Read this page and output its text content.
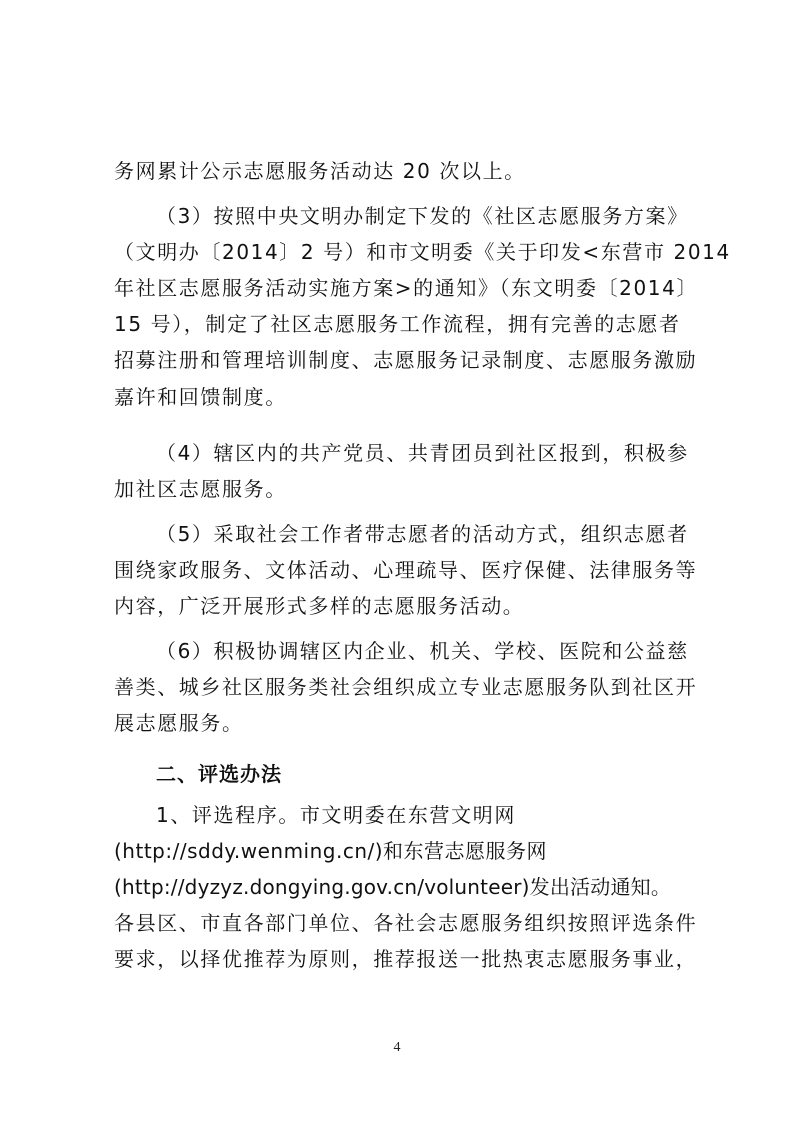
务网累计公示志愿服务活动达 20 次以上。
（3）按照中央文明办制定下发的《社区志愿服务方案》
（文明办〔2014〕2 号）和市文明委《关于印发<东营市 2014
年社区志愿服务活动实施方案>的通知》（东文明委〔2014〕
15 号），制定了社区志愿服务工作流程，拥有完善的志愿者
招募注册和管理培训制度、志愿服务记录制度、志愿服务激励
嘉许和回馈制度。
（4）辖区内的共产党员、共青团员到社区报到，积极参
加社区志愿服务。
（5）采取社会工作者带志愿者的活动方式，组织志愿者
围绕家政服务、文体活动、心理疏导、医疗保健、法律服务等
内容，广泛开展形式多样的志愿服务活动。
（6）积极协调辖区内企业、机关、学校、医院和公益慈
善类、城乡社区服务类社会组织成立专业志愿服务队到社区开
展志愿服务。
二、评选办法
1、评选程序。市文明委在东营文明网
(http://sddy.wenming.cn/)和东营志愿服务网
(http://dyzyz.dongying.gov.cn/volunteer)发出活动通知。
各县区、市直各部门单位、各社会志愿服务组织按照评选条件
要求，以择优推荐为原则，推荐报送一批热衷志愿服务事业，
4
